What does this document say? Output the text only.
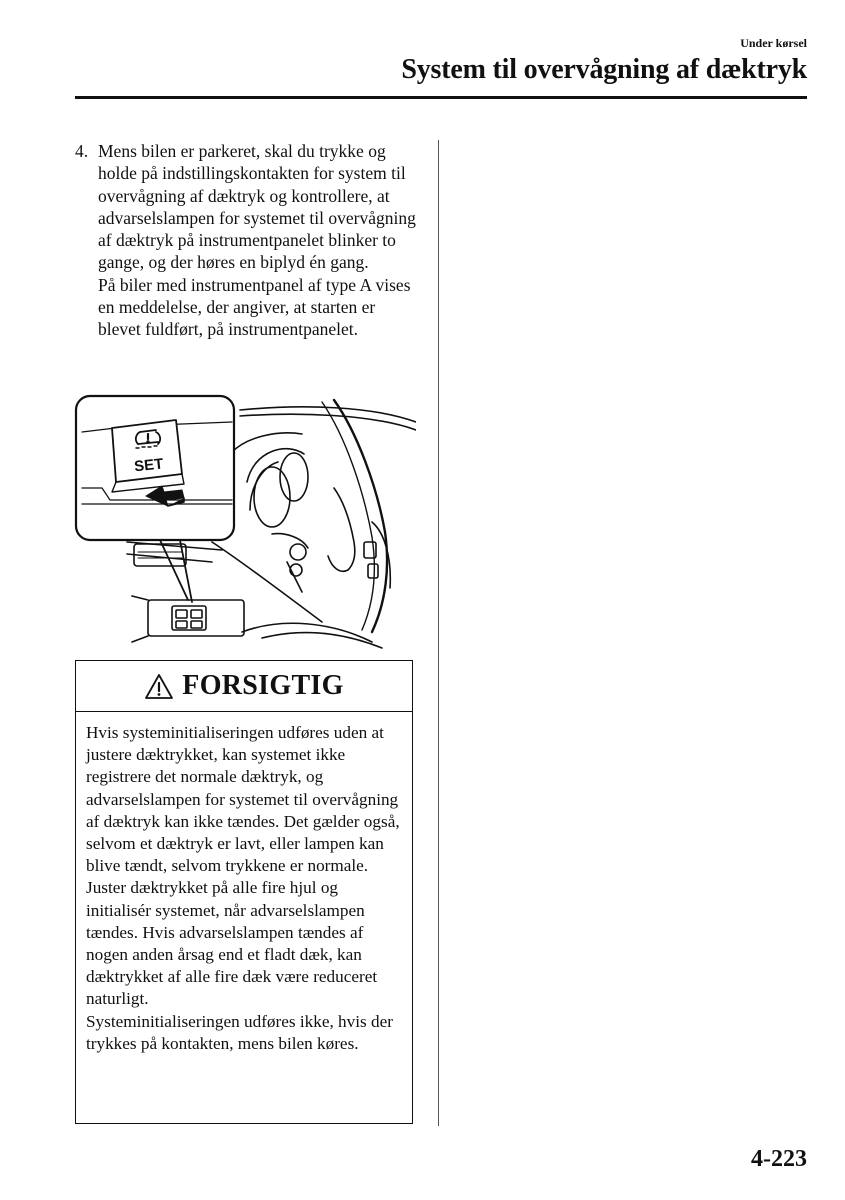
Under kørsel
System til overvågning af dæktryk
4. Mens bilen er parkeret, skal du trykke og holde på indstillingskontakten for system til overvågning af dæktryk og kontrollere, at advarselslampen for systemet til overvågning af dæktryk på instrumentpanelet blinker to gange, og der høres en biplyd én gang.
På biler med instrumentpanel af type A vises en meddelelse, der angiver, at starten er blevet fuldført, på instrumentpanelet.
SET
FORSIGTIG

Hvis systeminitialiseringen udføres uden at justere dæktrykket, kan systemet ikke registrere det normale dæktryk, og advarselslampen for systemet til overvågning af dæktryk kan ikke tændes. Det gælder også, selvom et dæktryk er lavt, eller lampen kan blive tændt, selvom trykkene er normale.

Juster dæktrykket på alle fire hjul og initialisér systemet, når advarselslampen tændes. Hvis advarselslampen tændes af nogen anden årsag end et fladt dæk, kan dæktrykket af alle fire dæk være reduceret naturligt.

Systeminitialiseringen udføres ikke, hvis der trykkes på kontakten, mens bilen køres.

4-223
